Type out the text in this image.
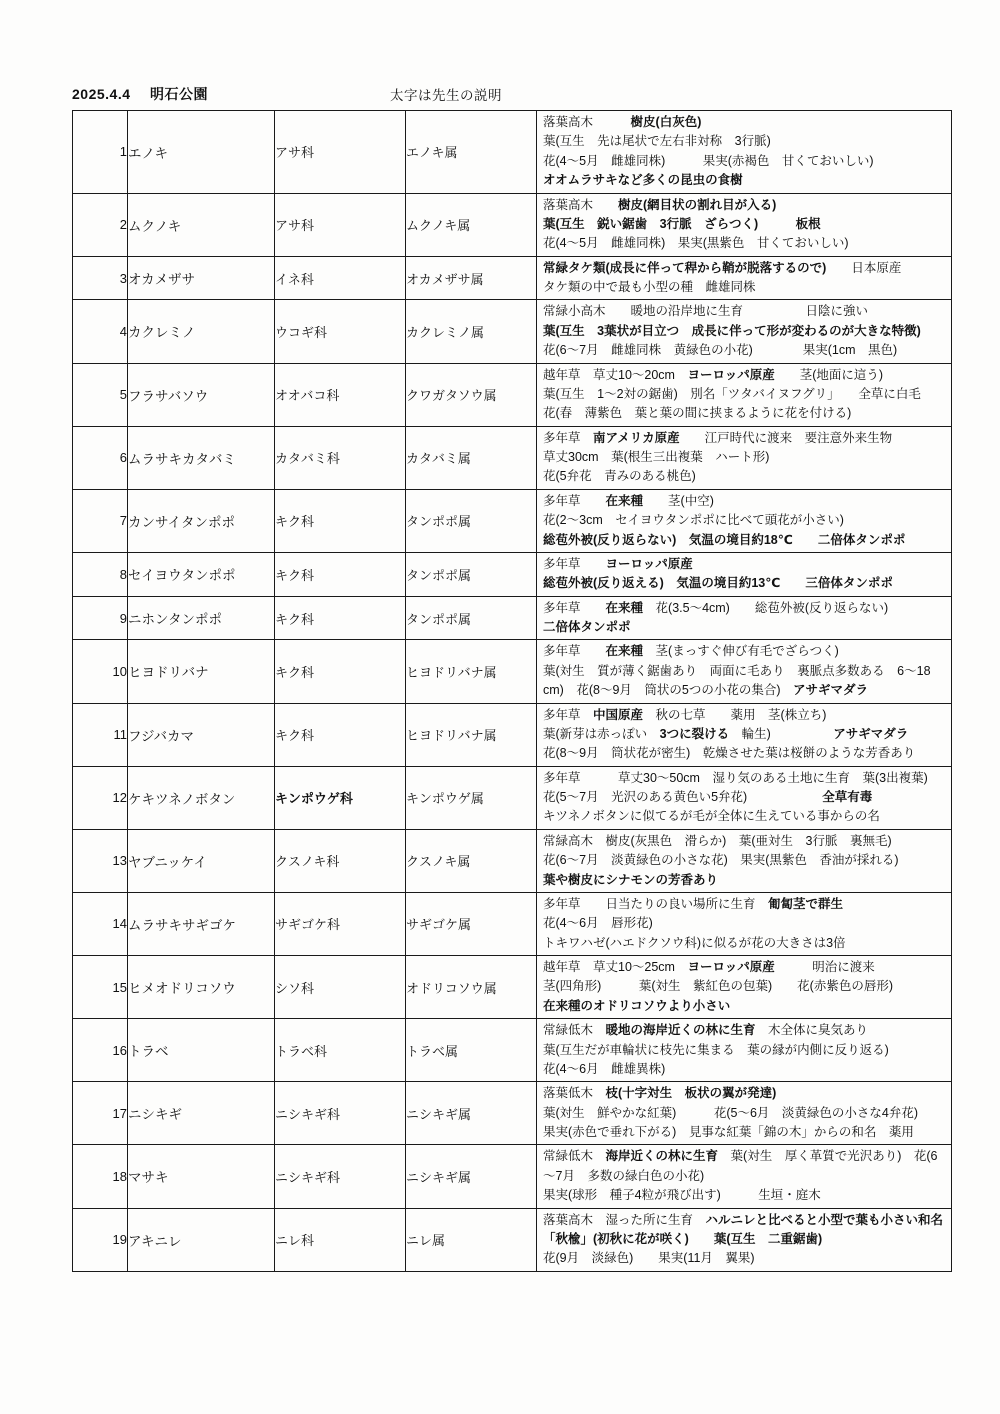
2025.4.4 明石公園	太字は先生の説明
1	エノキ	アサ科	エノキ属	落葉高木　　　 樹皮(白灰色)
葉(互生　先は尾状で左右非対称　3行脈)
花(4〜5月　雌雄同株)　　　果実(赤褐色　甘くておいしい)
オオムラサキなど多くの昆虫の食樹

2	ムクノキ	アサ科	ムクノキ属	落葉高木　　樹皮(網目状の割れ目が入る)
葉(互生　鋭い鋸歯　3行脈　ざらつく)　　　板根
花(4〜5月　雌雄同株)　果実(黒紫色　甘くておいしい)

3	オカメザサ	イネ科	オカメザサ属	常緑タケ類(成長に伴って稈から鞘が脱落するので)　　日本原産
タケ類の中で最も小型の種　雌雄同株

4	カクレミノ	ウコギ科	カクレミノ属	常緑小高木　　暖地の沿岸地に生育　　　　　日陰に強い
葉(互生　3葉状が目立つ　成長に伴って形が変わるのが大きな特徴)
花(6〜7月　雌雄同株　黄緑色の小花)　　　　果実(1cm　黒色)

5	フラサバソウ	オオバコ科	クワガタソウ属	越年草　草丈10〜20cm　ヨーロッパ原産　　茎(地面に這う)
葉(互生　1〜2対の鋸歯)　別名「ツタバイヌフグリ」　　全草に白毛
花(春　薄紫色　葉と葉の間に挟まるように花を付ける)

6	ムラサキカタバミ	カタバミ科	カタバミ属	多年草　南アメリカ原産　　江戸時代に渡来　要注意外来生物
草丈30cm　葉(根生三出複葉　ハート形)
花(5弁花　青みのある桃色)

7	カンサイタンポポ	キク科	タンポポ属	多年草　　在来種　　茎(中空)
花(2〜3cm　セイヨウタンポポに比べて頭花が小さい)
総苞外被(反り返らない)　気温の境目約18℃　　二倍体タンポポ

8	セイヨウタンポポ	キク科	タンポポ属	多年草　　ヨーロッパ原産
総苞外被(反り返える)　気温の境目約13℃　　三倍体タンポポ

9	ニホンタンポポ	キク科	タンポポ属	多年草　　在来種　花(3.5〜4cm)　　総苞外被(反り返らない)
二倍体タンポポ

10	ヒヨドリバナ	キク科	ヒヨドリバナ属	多年草　　在来種　茎(まっすぐ伸び有毛でざらつく)
葉(対生　質が薄く鋸歯あり　両面に毛あり　裏脈点多数ある　6〜18
cm)　花(8〜9月　筒状の5つの小花の集合)　アサギマダラ

11	フジバカマ	キク科	ヒヨドリバナ属	多年草　中国原産　秋の七草　　薬用　茎(株立ち)
葉(新芽は赤っぽい　3つに裂ける　輪生)　　　　　アサギマダラ
花(8〜9月　筒状花が密生)　乾燥させた葉は桜餅のような芳香あり

12	ケキツネノボタン	キンポウゲ科	キンポウゲ属	多年草　　　草丈30〜50cm　湿り気のある土地に生育　葉(3出複葉)
花(5〜7月　光沢のある黄色い5弁花)　　　　　　全草有毒
キツネノボタンに似てるが毛が全体に生えている事からの名

13	ヤブニッケイ	クスノキ科	クスノキ属	常緑高木　樹皮(灰黒色　滑らか)　葉(亜対生　3行脈　裏無毛)
花(6〜7月　淡黄緑色の小さな花)　果実(黒紫色　香油が採れる)
葉や樹皮にシナモンの芳香あり

14	ムラサキサギゴケ	サギゴケ科	サギゴケ属	多年草　　日当たりの良い場所に生育　匍匐茎で群生
花(4〜6月　唇形花)
トキワハゼ(ハエドクソウ科)に似るが花の大きさは3倍

15	ヒメオドリコソウ	シソ科	オドリコソウ属	越年草　草丈10〜25cm　ヨーロッパ原産　　　明治に渡来
茎(四角形)　　　葉(対生　紫紅色の包葉)　　花(赤紫色の唇形)
在来種のオドリコソウより小さい

16	トラベ	トラベ科	トラベ属	常緑低木　暖地の海岸近くの林に生育　木全体に臭気あり
葉(互生だが車輪状に枝先に集まる　葉の縁が内側に反り返る)
花(4〜6月　雌雄異株)

17	ニシキギ	ニシキギ科	ニシキギ属	落葉低木　枝(十字対生　板状の翼が発達)
葉(対生　鮮やかな紅葉)　　　花(5〜6月　淡黄緑色の小さな4弁花)
果実(赤色で垂れ下がる)　見事な紅葉「錦の木」からの和名　薬用

18	マサキ	ニシキギ科	ニシキギ属	常緑低木　海岸近くの林に生育　葉(対生　厚く革質で光沢あり)　花(6
〜7月　多数の緑白色の小花)
果実(球形　種子4粒が飛び出す)　　　生垣・庭木

19	アキニレ	ニレ科	ニレ属	落葉高木　湿った所に生育　ハルニレと比べると小型で葉も小さい和名
「秋楡」(初秋に花が咲く)　　葉(互生　二重鋸歯)
花(9月　淡緑色)　　果実(11月　翼果)
